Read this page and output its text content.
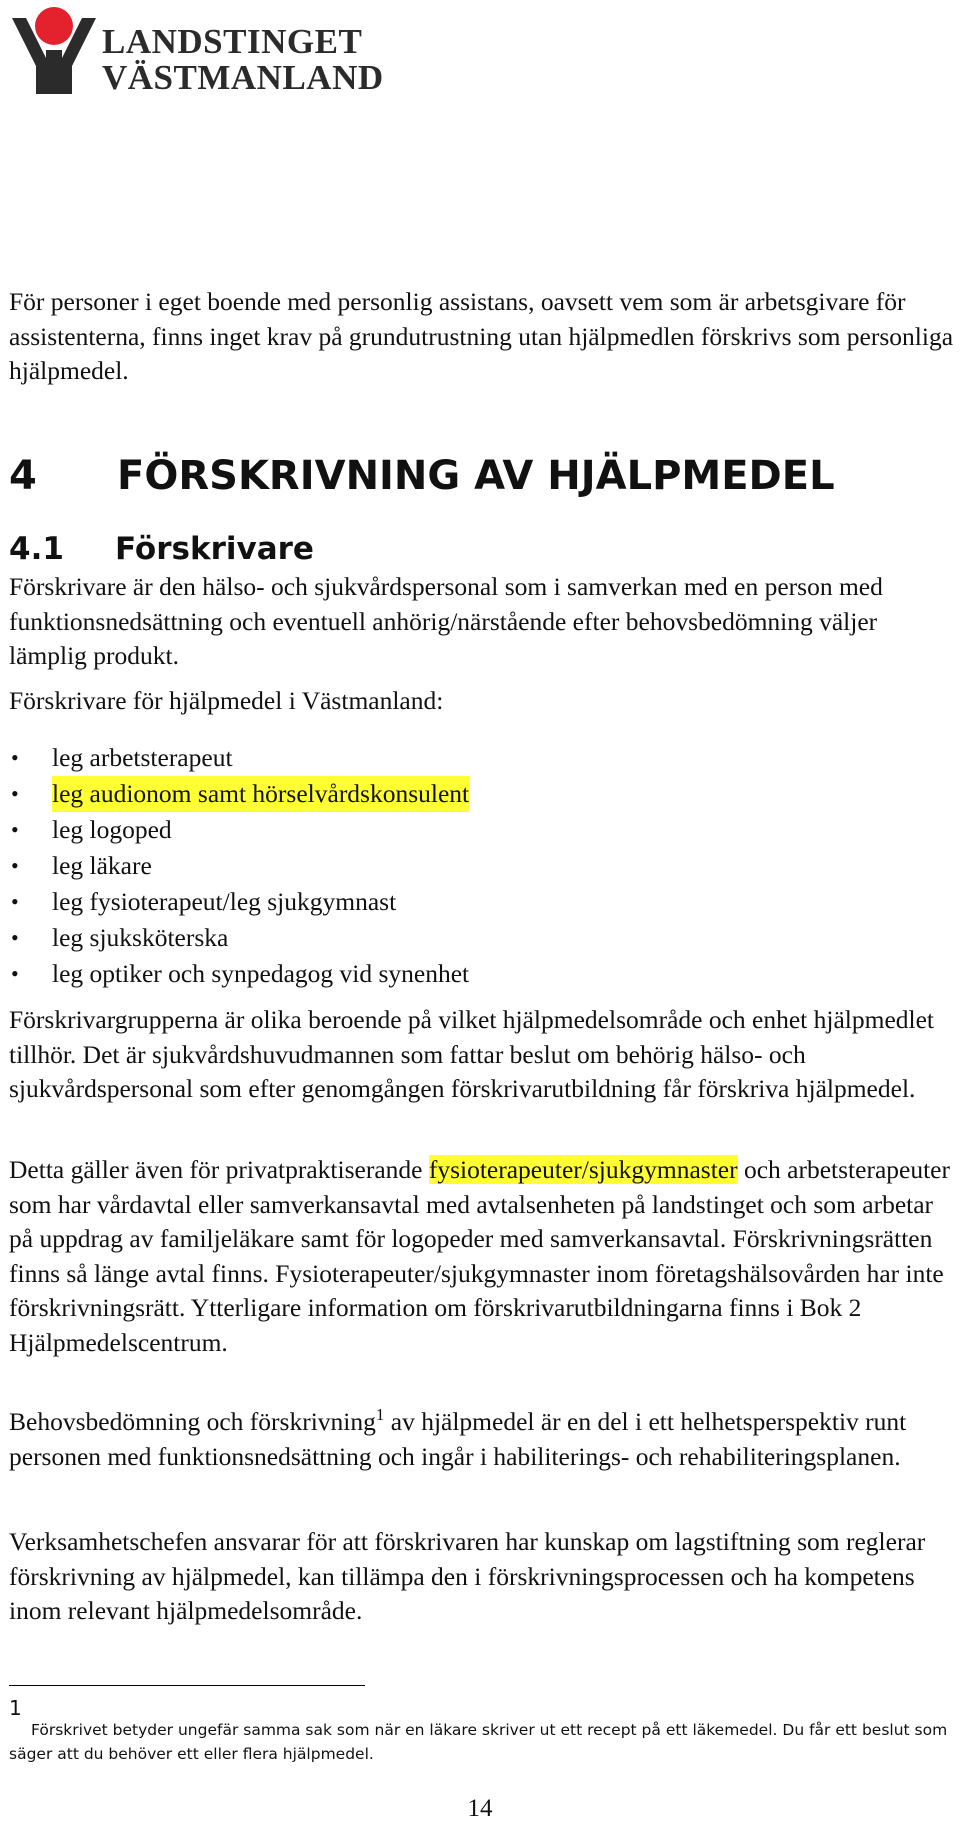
LANDSTINGET
VÄSTMANLAND

För personer i eget boende med personlig assistans, oavsett vem som är arbetsgivare för assistenterna, finns inget krav på grundutrustning utan hjälpmedlen förskrivs som personliga hjälpmedel.

4 FÖRSKRIVNING AV HJÄLPMEDEL
4.1 Förskrivare

Förskrivare är den hälso- och sjukvårdspersonal som i samverkan med en person med funktionsnedsättning och eventuell anhörig/närstående efter behovsbedömning väljer lämplig produkt.

Förskrivare för hjälpmedel i Västmanland:

•	leg arbetsterapeut
•	leg audionom samt hörselvårdskonsulent
•	leg logoped
•	leg läkare
•	leg fysioterapeut/leg sjukgymnast
•	leg sjuksköterska
•	leg optiker och synpedagog vid synenhet

Förskrivargrupperna är olika beroende på vilket hjälpmedelsområde och enhet hjälpmedlet tillhör. Det är sjukvårdshuvudmannen som fattar beslut om behörig hälso- och sjukvårdspersonal som efter genomgången förskrivarutbildning får förskriva hjälpmedel.

Detta gäller även för privatpraktiserande fysioterapeuter/sjukgymnaster och arbetsterapeuter som har vårdavtal eller samverkansavtal med avtalsenheten på landstinget och som arbetar på uppdrag av familjeläkare samt för logopeder med samverkansavtal. Förskrivningsrätten finns så länge avtal finns. Fysioterapeuter/sjukgymnaster inom företagshälsovården har inte förskrivningsrätt. Ytterligare information om förskrivarutbildningarna finns i Bok 2 Hjälpmedelscentrum.

Behovsbedömning och förskrivning$^1$ av hjälpmedel är en del i ett helhetsperspektiv runt personen med funktionsnedsättning och ingår i habiliterings- och rehabiliteringsplanen.

Verksamhetschefen ansvarar för att förskrivaren har kunskap om lagstiftning som reglerar förskrivning av hjälpmedel, kan tillämpa den i förskrivningsprocessen och ha kompetens inom relevant hjälpmedelsområde.

1

Förskrivet betyder ungefär samma sak som när en läkare skriver ut ett recept på ett läkemedel. Du får ett beslut som säger att du behöver ett eller flera hjälpmedel.

14
